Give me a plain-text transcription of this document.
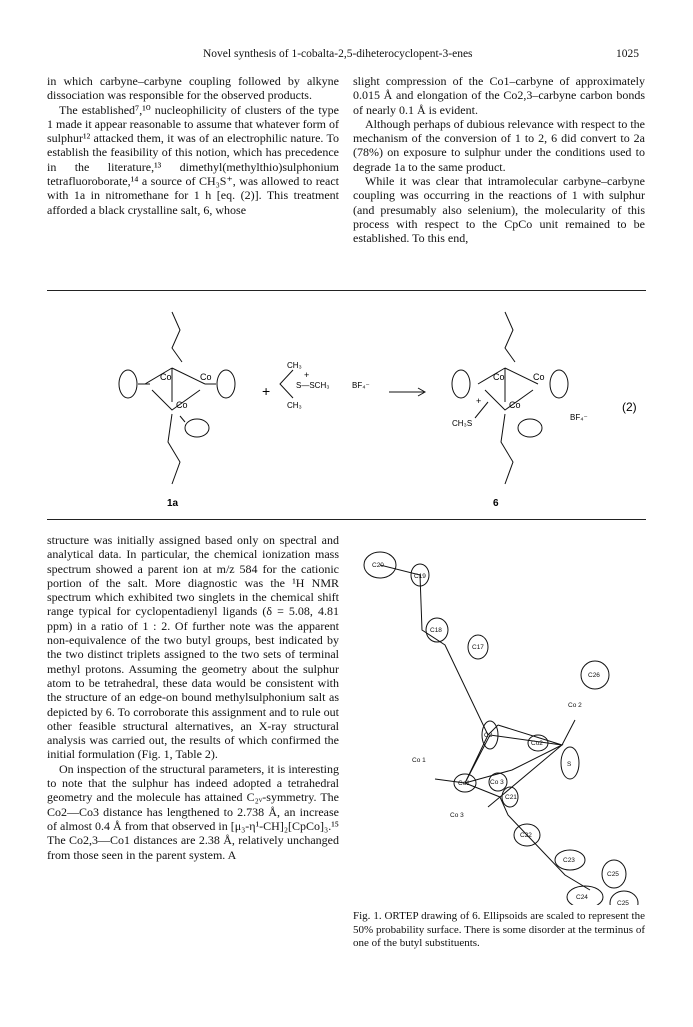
Novel synthesis of 1-cobalta-2,5-diheterocyclopent-3-enes	1025

in which carbyne–carbyne coupling followed by alkyne dissociation was responsible for the observed products.

The established⁷,¹⁰ nucleophilicity of clusters of the type 1 made it appear reasonable to assume that whatever form of sulphur¹² attacked them, it was of an electrophilic nature. To establish the feasibility of this notion, which has precedence in the literature,¹³ dimethyl(methylthio)sulphonium tetrafluoroborate,¹⁴ a source of CH₃S⁺, was allowed to react with 1a in nitromethane for 1 h [eq. (2)]. This treatment afforded a black crystalline salt, 6, whose

slight compression of the Co1–carbyne of approximately 0.015 Å and elongation of the Co2,3–carbyne carbon bonds of nearly 0.1 Å is evident.

Although perhaps of dubious relevance with respect to the mechanism of the conversion of 1 to 2, 6 did convert to 2a (78%) on exposure to sulphur under the conditions used to degrade 1a to the same product.

While it was clear that intramolecular carbyne–carbyne coupling was occurring in the reactions of 1 with sulphur (and presumably also selenium), the molecularity of this process with respect to the CpCo unit remained to be established. To this end,

Co	Co
Co
+
CH₃
+
S—SCH₃	BF₄⁻
CH₃
Co	Co
Co
+
CH₃S
BF₄⁻
(2)
1a	6

structure was initially assigned based only on spectral and analytical data. In particular, the chemical ionization mass spectrum showed a parent ion at m/z 584 for the cationic portion of the salt. More diagnostic was the ¹H NMR spectrum which exhibited two singlets in the chemical shift range typical for cyclopentadienyl ligands (δ = 5.08, 4.81 ppm) in a ratio of 1 : 2. Of further note was the apparent non-equivalence of the two butyl groups, best indicated by the two distinct triplets assigned to the two sets of terminal methyl protons. Assuming the geometry about the sulphur atom to be tetrahedral, these data would be consistent with the structure of an edge-on bound methylsulphonium salt as depicted by 6. To corroborate this assignment and to rule out other feasible structural alternatives, an X-ray structural analysis was carried out, the results of which confirmed the initial formulation (Fig. 1, Table 2).

On inspection of the structural parameters, it is interesting to note that the sulphur has indeed adopted a tetrahedral geometry and the molecule has attained C₂ᵥ-symmetry. The Co2—Co3 distance has lengthened to 2.738 Å, an increase of almost 0.4 Å from that observed in [μ₃-η¹-CH]₂[CpCo]₃.¹⁵ The Co2,3—Co1 distances are 2.38 Å, relatively unchanged from those seen in the parent system. A

C20
C19
C18
C17
C26
Co 2
C2
Co2
S
Co 1
Co1	Co 3
C21
Co 3
C22
C23
C24
C25
C25
Fig. 1. ORTEP drawing of 6. Ellipsoids are scaled to represent the 50% probability surface. There is some disorder at the terminus of one of the butyl substituents.
